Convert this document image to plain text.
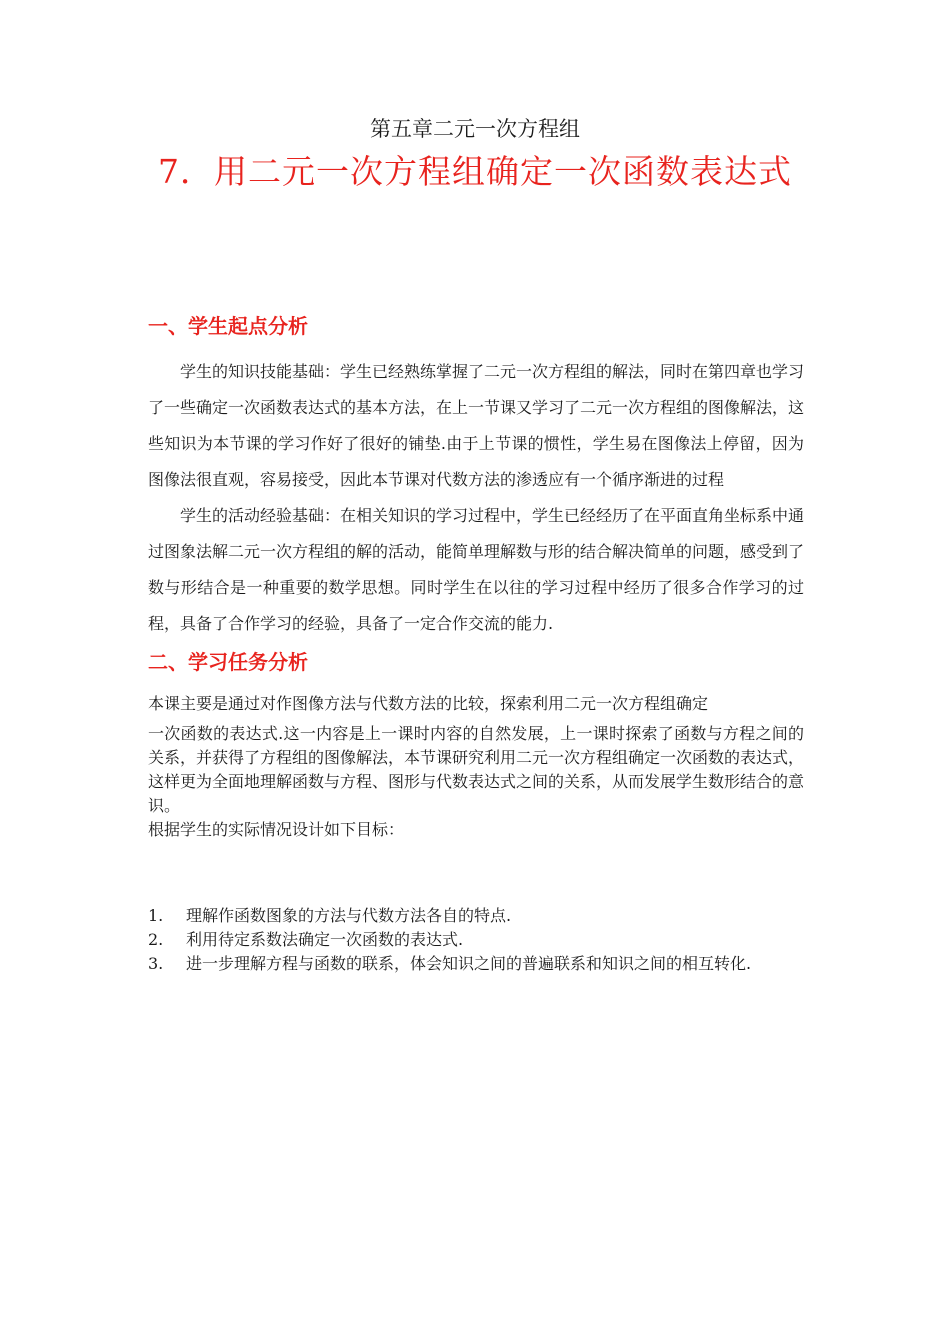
第五章二元一次方程组
7．用二元一次方程组确定一次函数表达式
一、学生起点分析

学生的知识技能基础：学生已经熟练掌握了二元一次方程组的解法，同时在第四章也学习了一些确定一次函数表达式的基本方法，在上一节课又学习了二元一次方程组的图像解法，这些知识为本节课的学习作好了很好的铺垫.由于上节课的惯性，学生易在图像法上停留，因为图像法很直观，容易接受，因此本节课对代数方法的渗透应有一个循序渐进的过程

学生的活动经验基础：在相关知识的学习过程中，学生已经经历了在平面直角坐标系中通过图象法解二元一次方程组的解的活动，能简单理解数与形的结合解决简单的问题，感受到了数与形结合是一种重要的数学思想。同时学生在以往的学习过程中经历了很多合作学习的过程，具备了合作学习的经验，具备了一定合作交流的能力.

二、学习任务分析

本课主要是通过对作图像方法与代数方法的比较，探索利用二元一次方程组确定

一次函数的表达式.这一内容是上一课时内容的自然发展，上一课时探索了函数与方程之间的关系，并获得了方程组的图像解法，本节课研究利用二元一次方程组确定一次函数的表达式，这样更为全面地理解函数与方程、图形与代数表达式之间的关系，从而发展学生数形结合的意识。

根据学生的实际情况设计如下目标：

1.	理解作函数图象的方法与代数方法各自的特点.
2.	利用待定系数法确定一次函数的表达式.
3. 进一步理解方程与函数的联系，体会知识之间的普遍联系和知识之间的相互转化.
